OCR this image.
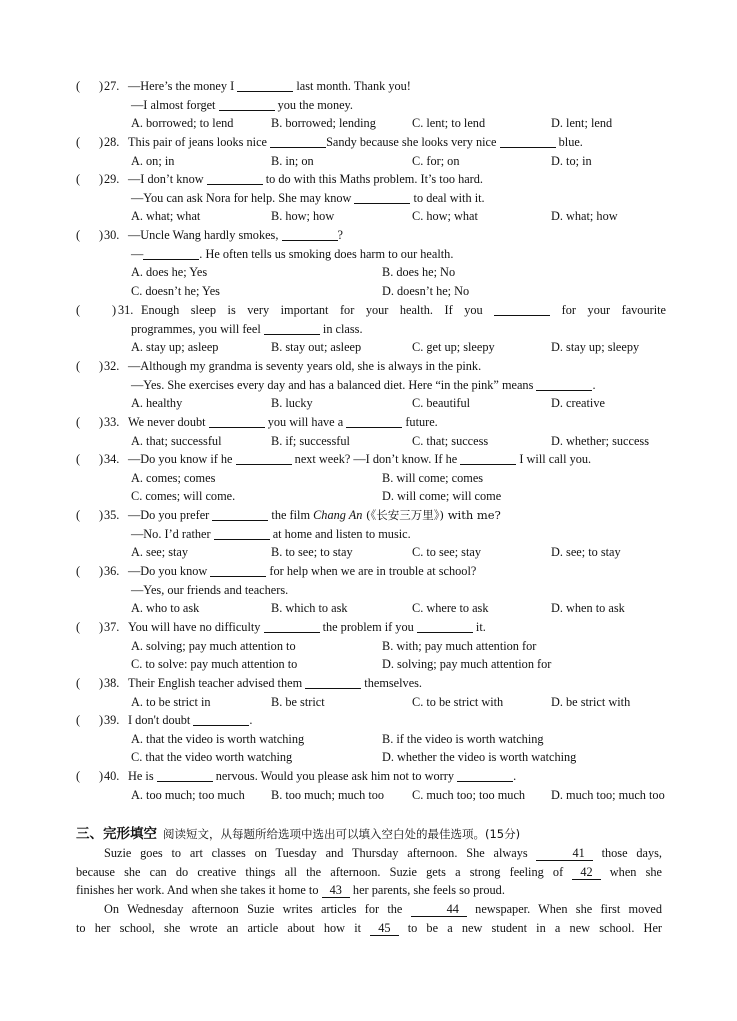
( ) 27. —Here’s the money I	last month. Thank you!
—I almost forget	you the money.
A. borrowed; to lend	B. borrowed; lending	C. lent; to lend	D. lent; lend
( ) 28. This pair of jeans looks nice	Sandy because she looks very nice	blue.
A. on; in	B. in; on	C. for; on	D. to; in
( ) 29. —I don’t know	to do with this Maths problem. It’s too hard.
—You can ask Nora for help. She may know	to deal with it.
A. what; what	B. how; how	C. how; what	D. what; how
( ) 30. —Uncle Wang hardly smokes,	?
—	. He often tells us smoking does harm to our health.
A. does he; Yes	B. does he; No
C. doesn’t he; Yes	D. doesn’t he; No
(	) 31. Enough sleep is very important for your health. If you	for your favourite
programmes, you will feel	in class.
A. stay up; asleep	B. stay out; asleep	C. get up; sleepy	D. stay up; sleepy
( ) 32. —Although my grandma is seventy years old, she is always in the pink.
—Yes. She exercises every day and has a balanced diet. Here “in the pink” means	.
A. healthy	B. lucky	C. beautiful	D. creative
( ) 33. We never doubt	you will have a	future.
A. that; successful	B. if; successful	C. that; success	D. whether; success
( ) 34. —Do you know if he	next week? —I don’t know. If he	I will call you.
A. comes; comes	B. will come; comes
C. comes; will come.	D. will come; will come
( ) 35. —Do you prefer	the film Chang An (《长安三万里》) with me?
—No. I’d rather	at home and listen to music.
A. see; stay	B. to see; to stay	C. to see; stay	D. see; to stay
( ) 36. —Do you know	for help when we are in trouble at school?
—Yes, our friends and teachers.
A. who to ask	B. which to ask	C. where to ask	D. when to ask
( ) 37. You will have no difficulty	the problem if you	it.
A. solving; pay much attention to	B. with; pay much attention for
C. to solve: pay much attention to	D. solving; pay much attention for
( ) 38. Their English teacher advised them	themselves.
A. to be strict in	B. be strict	C. to be strict with	D. be strict with
( ) 39. I don't doubt	.
A. that the video is worth watching	B. if the video is worth watching
C. that the video worth watching	D. whether the video is worth watching
( ) 40. He is	nervous. Would you please ask him not to worry	.
A. too much; too much B. too much; much too C. much too; too much D. much too; much too
三、完形填空 阅读短文，从每题所给选项中选出可以填入空白处的最佳选项。(15分)
Suzie goes to art classes on Tuesday and Thursday afternoon. She always	41 those days,
because she can do creative things all the afternoon. Suzie gets a strong feeling of 42 when she
finishes her work. And when she takes it home to 43 her parents, she feels so proud.
On Wednesday afternoon Suzie writes articles for the	44 newspaper. When she first moved
to her school, she wrote an article about how it 45 to be a new student in a new school. Her
